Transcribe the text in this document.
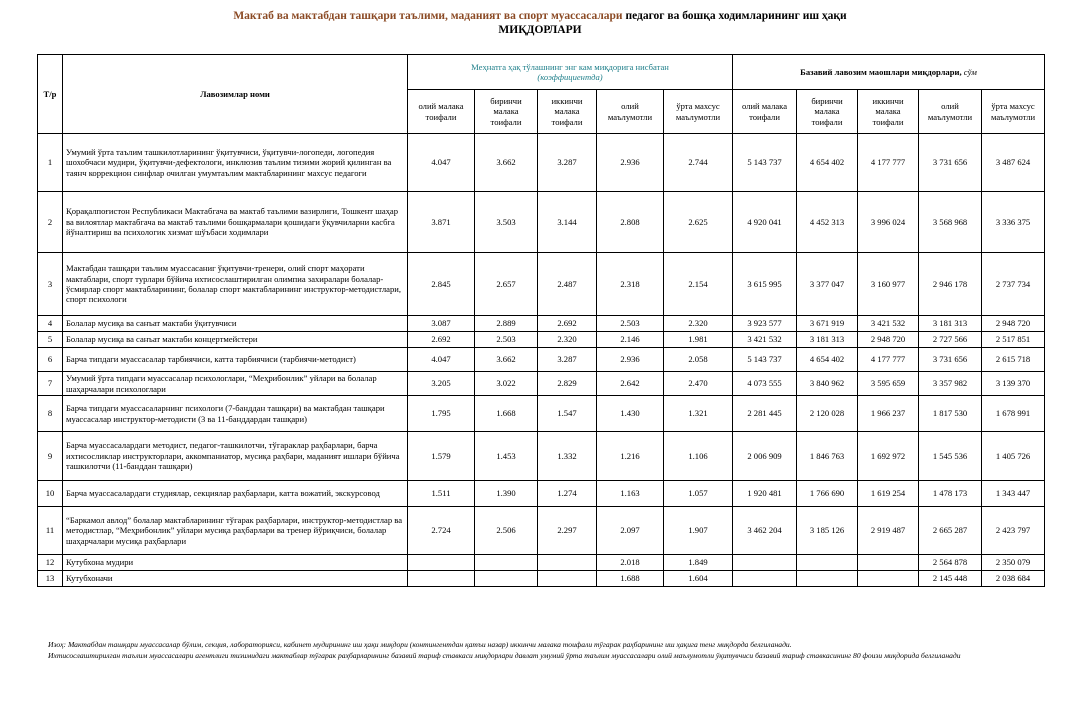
Мактаб ва мактабдан ташқари таълими, маданият ва спорт муассасалари педагог ва бошқа ходимларининг иш ҳақи
МИҚДОРЛАРИ
Т/р	Лавозимлар номи	Меҳнатга ҳақ тўлашнинг энг кам миқдорига нисбатан
(коэффициентда)					Базавий лавозим маошлари миқдорлари, сўм				
		олий малака тоифали	биринчи малака тоифали	иккинчи малака тоифали	олий маълумотли	ўрта махсус маълумотли	олий малака тоифали	биринчи малака тоифали	иккинчи малака тоифали	олий маълумотли	ўрта махсус маълумотли
1	Умумий ўрта таълим ташкилотларининг ўқитувчиси, ўқитувчи-логопеди, логопедия шохобчаси мудири, ўқитувчи-дефектологи, инклюзив таълим тизими жорий қилинган ва таянч коррекцион синфлар очилган умумтаълим мактабларининг махсус педагоги	4.047	3.662	3.287	2.936	2.744	5 143 737	4 654 402	4 177 777	3 731 656	3 487 624
2	Қорақалпоғистон Республикаси Мактабгача ва мактаб таълими вазирлиги, Тошкент шаҳар ва вилоятлар мактабгача ва мактаб таълими бошқармалари қошидаги ўқувчиларни касбга йўналтириш ва психологик хизмат шўъбаси ходимлари	3.871	3.503	3.144	2.808	2.625	4 920 041	4 452 313	3 996 024	3 568 968	3 336 375
3	Мактабдан ташқари таълим муассасаниг ўқитувчи-тренери, олий спорт маҳорати мактаблари, спорт турлари бўйича ихтисослаштирилган олимпиа захиралари болалар-ўсмирлар спорт мактабларининг, болалар спорт мактабларининг инструктор-методистлари, спорт психологи	2.845	2.657	2.487	2.318	2.154	3 615 995	3 377 047	3 160 977	2 946 178	2 737 734
4	Болалар мусиқа ва санъат мактаби ўқитувчиси	3.087	2.889	2.692	2.503	2.320	3 923 577	3 671 919	3 421 532	3 181 313	2 948 720
5	Болалар мусиқа ва санъат мактаби концертмейстери	2.692	2.503	2.320	2.146	1.981	3 421 532	3 181 313	2 948 720	2 727 566	2 517 851
6	Барча типдаги муассасалар тарбиячиси, катта тарбиячиси (тарбиячи-методист)	4.047	3.662	3.287	2.936	2.058	5 143 737	4 654 402	4 177 777	3 731 656	2 615 718
7	Умумий ўрта типдаги муассасалар психологлари, “Меҳрибонлик” уйлари ва болалар шаҳарчалари психологлари	3.205	3.022	2.829	2.642	2.470	4 073 555	3 840 962	3 595 659	3 357 982	3 139 370
8	Барча типдаги муассасаларнинг психологи (7-банддан ташқари) ва мактабдан ташқари муассасалар инструктор-методисти (3 ва 11-банддардан ташқари)	1.795	1.668	1.547	1.430	1.321	2 281 445	2 120 028	1 966 237	1 817 530	1 678 991
9	Барча муассасалардаги методист, педагог-ташкилотчи, тўгараклар раҳбарлари, барча ихтисосликлар инструкторлари, аккомпаниатор, мусиқа раҳбари, маданият ишлари бўйича ташкилотчи (11-банддан ташқари)	1.579	1.453	1.332	1.216	1.106	2 006 909	1 846 763	1 692 972	1 545 536	1 405 726
10	Барча муассасалардаги студиялар, секциялар раҳбарлари, катта вожатий, экскурсовод	1.511	1.390	1.274	1.163	1.057	1 920 481	1 766 690	1 619 254	1 478 173	1 343 447
11	“Баркамол авлод” болалар мактабларининг тўгарак раҳбарлари, инструктор-методистлар ва методистлар, “Меҳрибонлик” уйлари мусиқа раҳбарлари ва тренер йўриқчиси, болалар шаҳарчалари мусиқа раҳбарлари	2.724	2.506	2.297	2.097	1.907	3 462 204	3 185 126	2 919 487	2 665 287	2 423 797
12	Кутубхона мудири				2.018	1.849				2 564 878	2 350 079
13	Кутубхоначи				1.688	1.604				2 145 448	2 038 684
Изоҳ: Мактабдан ташқари муассасалар бўлим, секция, лабораторияси, кабинет мудирининг иш ҳақи миқдори (контингентдан қатъи назар) иккинчи малака тоифали тўгарак раҳбарининг иш ҳақига тенг миқдорда белгиланади.
Ихтисослаштирилган таълим муассасалари агентлиги тизимидаги мактаблар тўгарак раҳбарларининг базавий тариф ставкаси миқдорлари давлат умумий ўрта таълим муассасалари олий маълумотли ўқитувчиси базавий тариф ставкасининг 80 фоизи миқдорида белгиланади
